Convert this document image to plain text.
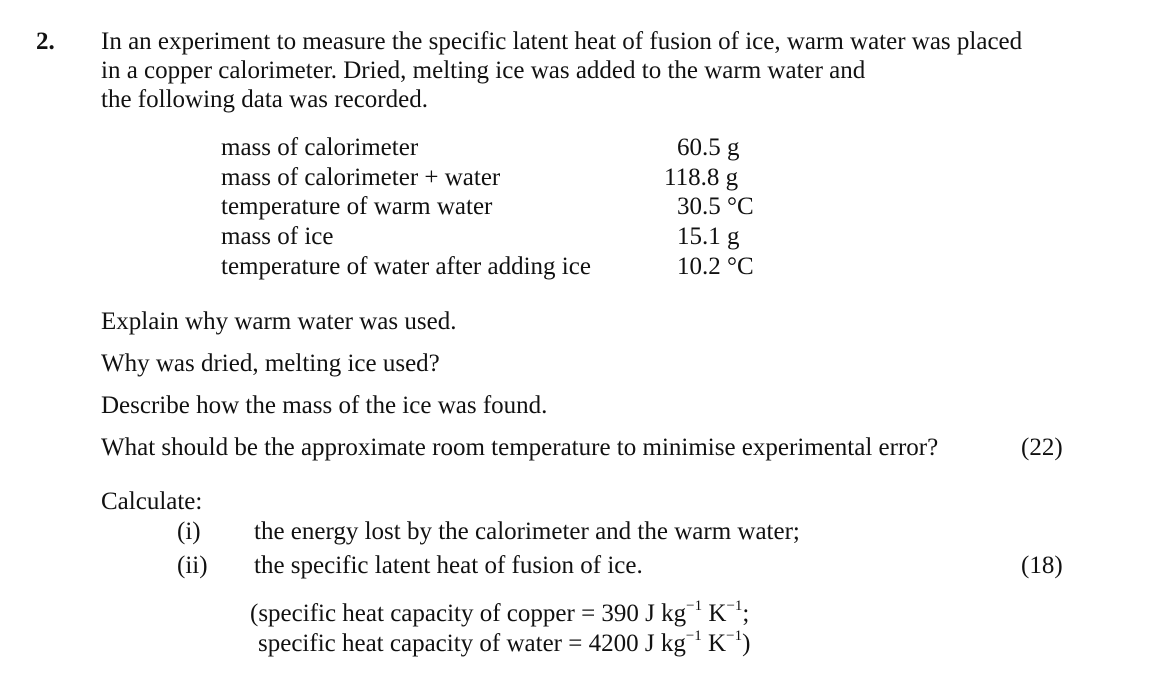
2. In an experiment to measure the specific latent heat of fusion of ice, warm water was placed
in a copper calorimeter. Dried, melting ice was added to the warm water and
the following data was recorded.
mass of calorimeter	60.5 g
mass of calorimeter + water	118.8 g
temperature of warm water	30.5 °C
mass of ice	15.1 g
temperature of water after adding ice	10.2 °C
Explain why warm water was used.
Why was dried, melting ice used?
Describe how the mass of the ice was found.
What should be the approximate room temperature to minimise experimental error?	(22)
Calculate:
(i) the energy lost by the calorimeter and the warm water;
(ii) the specific latent heat of fusion of ice.	(18)
(specific heat capacity of copper = 390 J $kg^{-1}$ $K^{-1}$;
specific heat capacity of water = 4200 J $kg^{-1}$ $K^{-1}$)
